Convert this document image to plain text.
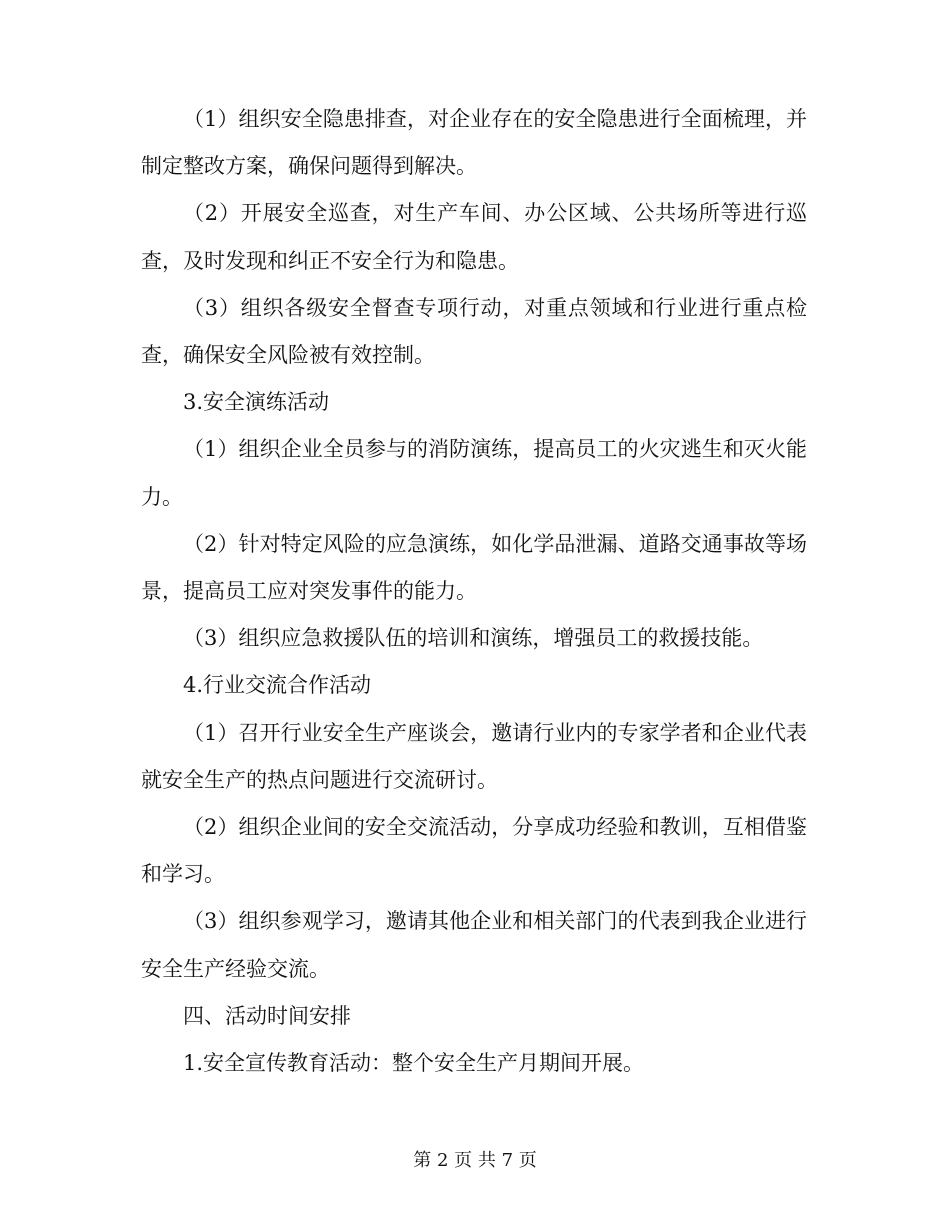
（1）组织安全隐患排查，对企业存在的安全隐患进行全面梳理，并制定整改方案，确保问题得到解决。

（2）开展安全巡查，对生产车间、办公区域、公共场所等进行巡查，及时发现和纠正不安全行为和隐患。

（3）组织各级安全督查专项行动，对重点领域和行业进行重点检查，确保安全风险被有效控制。

3.安全演练活动

（1）组织企业全员参与的消防演练，提高员工的火灾逃生和灭火能力。

（2）针对特定风险的应急演练，如化学品泄漏、道路交通事故等场景，提高员工应对突发事件的能力。

（3）组织应急救援队伍的培训和演练，增强员工的救援技能。

4.行业交流合作活动

（1）召开行业安全生产座谈会，邀请行业内的专家学者和企业代表就安全生产的热点问题进行交流研讨。

（2）组织企业间的安全交流活动，分享成功经验和教训，互相借鉴和学习。

（3）组织参观学习，邀请其他企业和相关部门的代表到我企业进行安全生产经验交流。

四、活动时间安排

1.安全宣传教育活动：整个安全生产月期间开展。

第 2 页 共 7 页
